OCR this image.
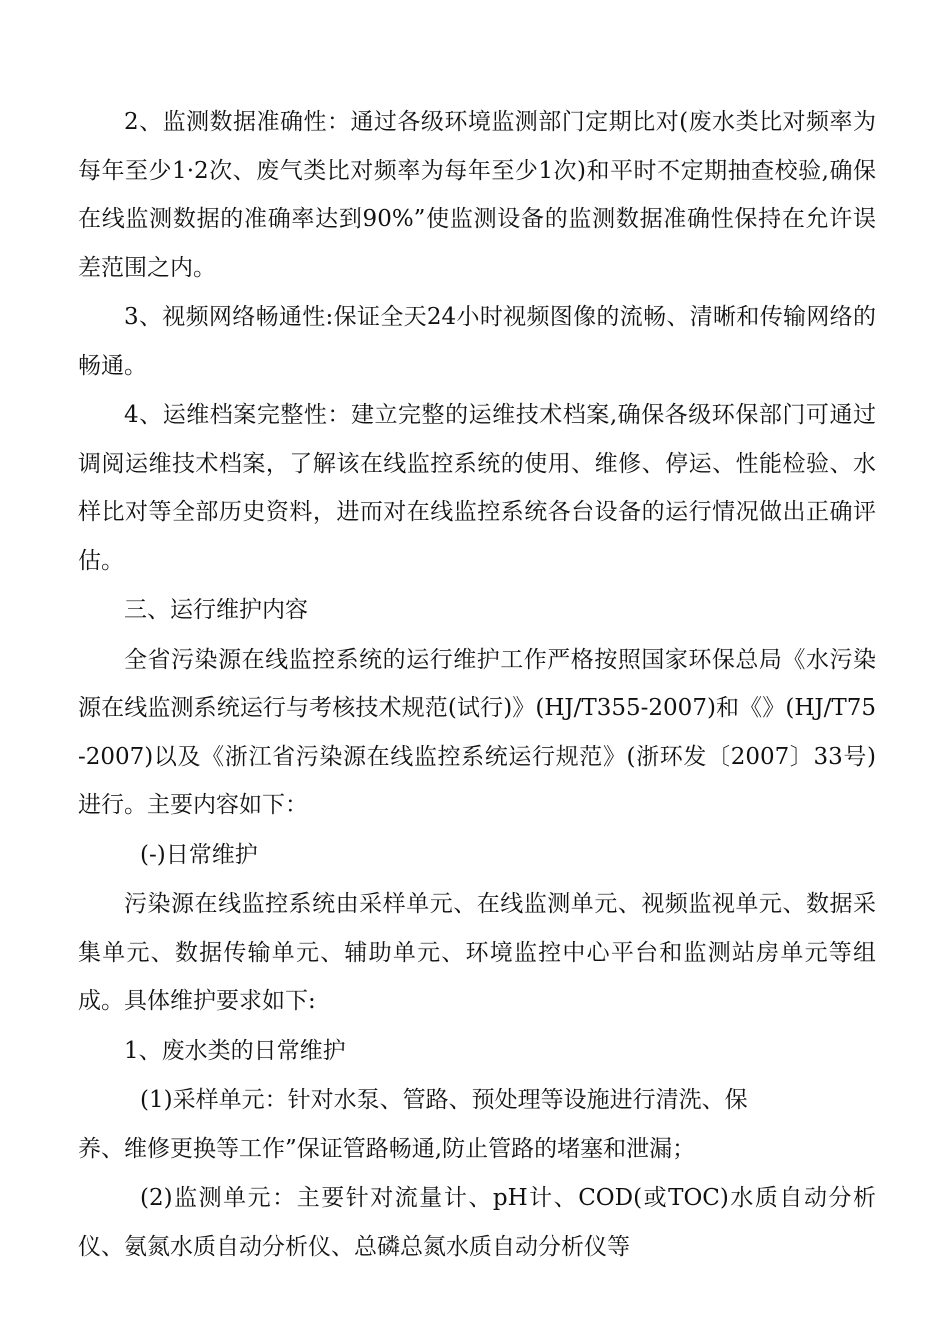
2、监测数据准确性：通过各级环境监测部门定期比对(废水类比对频率为每年至少1·2次、废气类比对频率为每年至少1次)和平时不定期抽查校验,确保在线监测数据的准确率达到90%”使监测设备的监测数据准确性保持在允许误差范围之内。

3、视频网络畅通性:保证全天24小时视频图像的流畅、清晰和传输网络的畅通。

4、运维档案完整性：建立完整的运维技术档案,确保各级环保部门可通过调阅运维技术档案，了解该在线监控系统的使用、维修、停运、性能检验、水样比对等全部历史资料，进而对在线监控系统各台设备的运行情况做出正确评估。

三、运行维护内容

全省污染源在线监控系统的运行维护工作严格按照国家环保总局《水污染源在线监测系统运行与考核技术规范(试行)》(HJ/T355-2007)和《》(HJ/T75-2007)以及《浙江省污染源在线监控系统运行规范》(浙环发〔2007〕33号)进行。主要内容如下：

(-)日常维护

污染源在线监控系统由采样单元、在线监测单元、视频监视单元、数据采集单元、数据传输单元、辅助单元、环境监控中心平台和监测站房单元等组成。具体维护要求如下:

1、废水类的日常维护

(1)采样单元：针对水泵、管路、预处理等设施进行清洗、保
养、维修更换等工作”保证管路畅通,防止管路的堵塞和泄漏；

(2)监测单元：主要针对流量计、pH计、COD(或TOC)水质自动分析仪、氨氮水质自动分析仪、总磷总氮水质自动分析仪等
